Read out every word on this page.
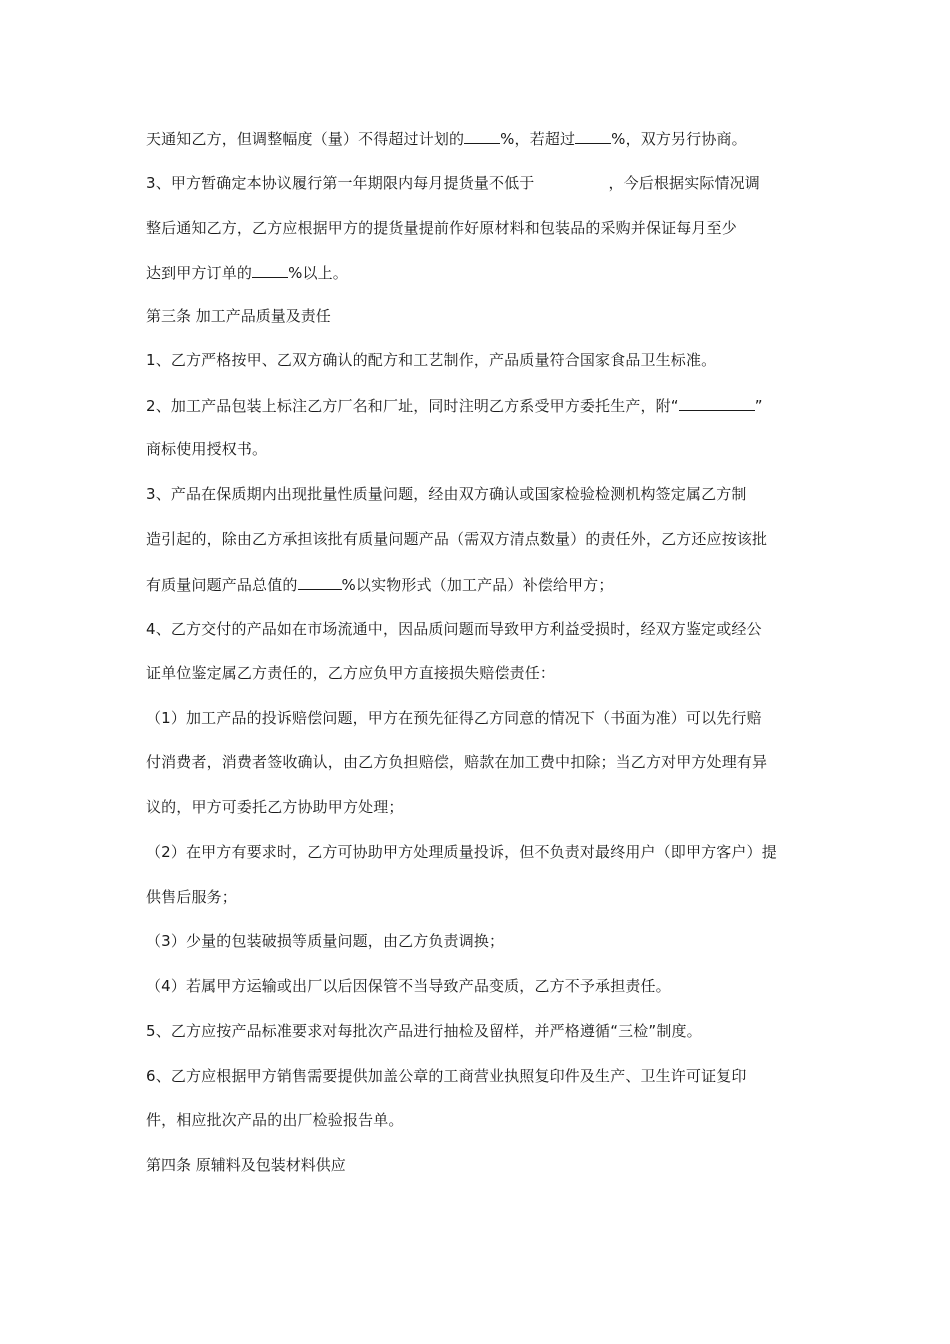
天通知乙方，但调整幅度（量）不得超过计划的 %，若超过 %，双方另行协商。
3、甲方暂确定本协议履行第一年期限内每月提货量不低于	，今后根据实际情况调
整后通知乙方，乙方应根据甲方的提货量提前作好原材料和包装品的采购并保证每月至少
达到甲方订单的 %以上。
第三条 加工产品质量及责任
1、乙方严格按甲、乙双方确认的配方和工艺制作，产品质量符合国家食品卫生标准。
2、加工产品包装上标注乙方厂名和厂址，同时注明乙方系受甲方委托生产，附“	”
商标使用授权书。
3、产品在保质期内出现批量性质量问题，经由双方确认或国家检验检测机构签定属乙方制
造引起的，除由乙方承担该批有质量问题产品（需双方清点数量）的责任外，乙方还应按该批
有质量问题产品总值的	%以实物形式（加工产品）补偿给甲方；
4、乙方交付的产品如在市场流通中，因品质问题而导致甲方利益受损时，经双方鉴定或经公
证单位鉴定属乙方责任的，乙方应负甲方直接损失赔偿责任：
（1）加工产品的投诉赔偿问题，甲方在预先征得乙方同意的情况下（书面为准）可以先行赔
付消费者，消费者签收确认，由乙方负担赔偿，赔款在加工费中扣除；当乙方对甲方处理有异
议的，甲方可委托乙方协助甲方处理；
（2）在甲方有要求时，乙方可协助甲方处理质量投诉，但不负责对最终用户（即甲方客户）提
供售后服务；
（3）少量的包装破损等质量问题，由乙方负责调换；
（4）若属甲方运输或出厂以后因保管不当导致产品变质，乙方不予承担责任。
5、乙方应按产品标准要求对每批次产品进行抽检及留样，并严格遵循“三检”制度。
6、乙方应根据甲方销售需要提供加盖公章的工商营业执照复印件及生产、卫生许可证复印
件，相应批次产品的出厂检验报告单。
第四条 原辅料及包装材料供应
